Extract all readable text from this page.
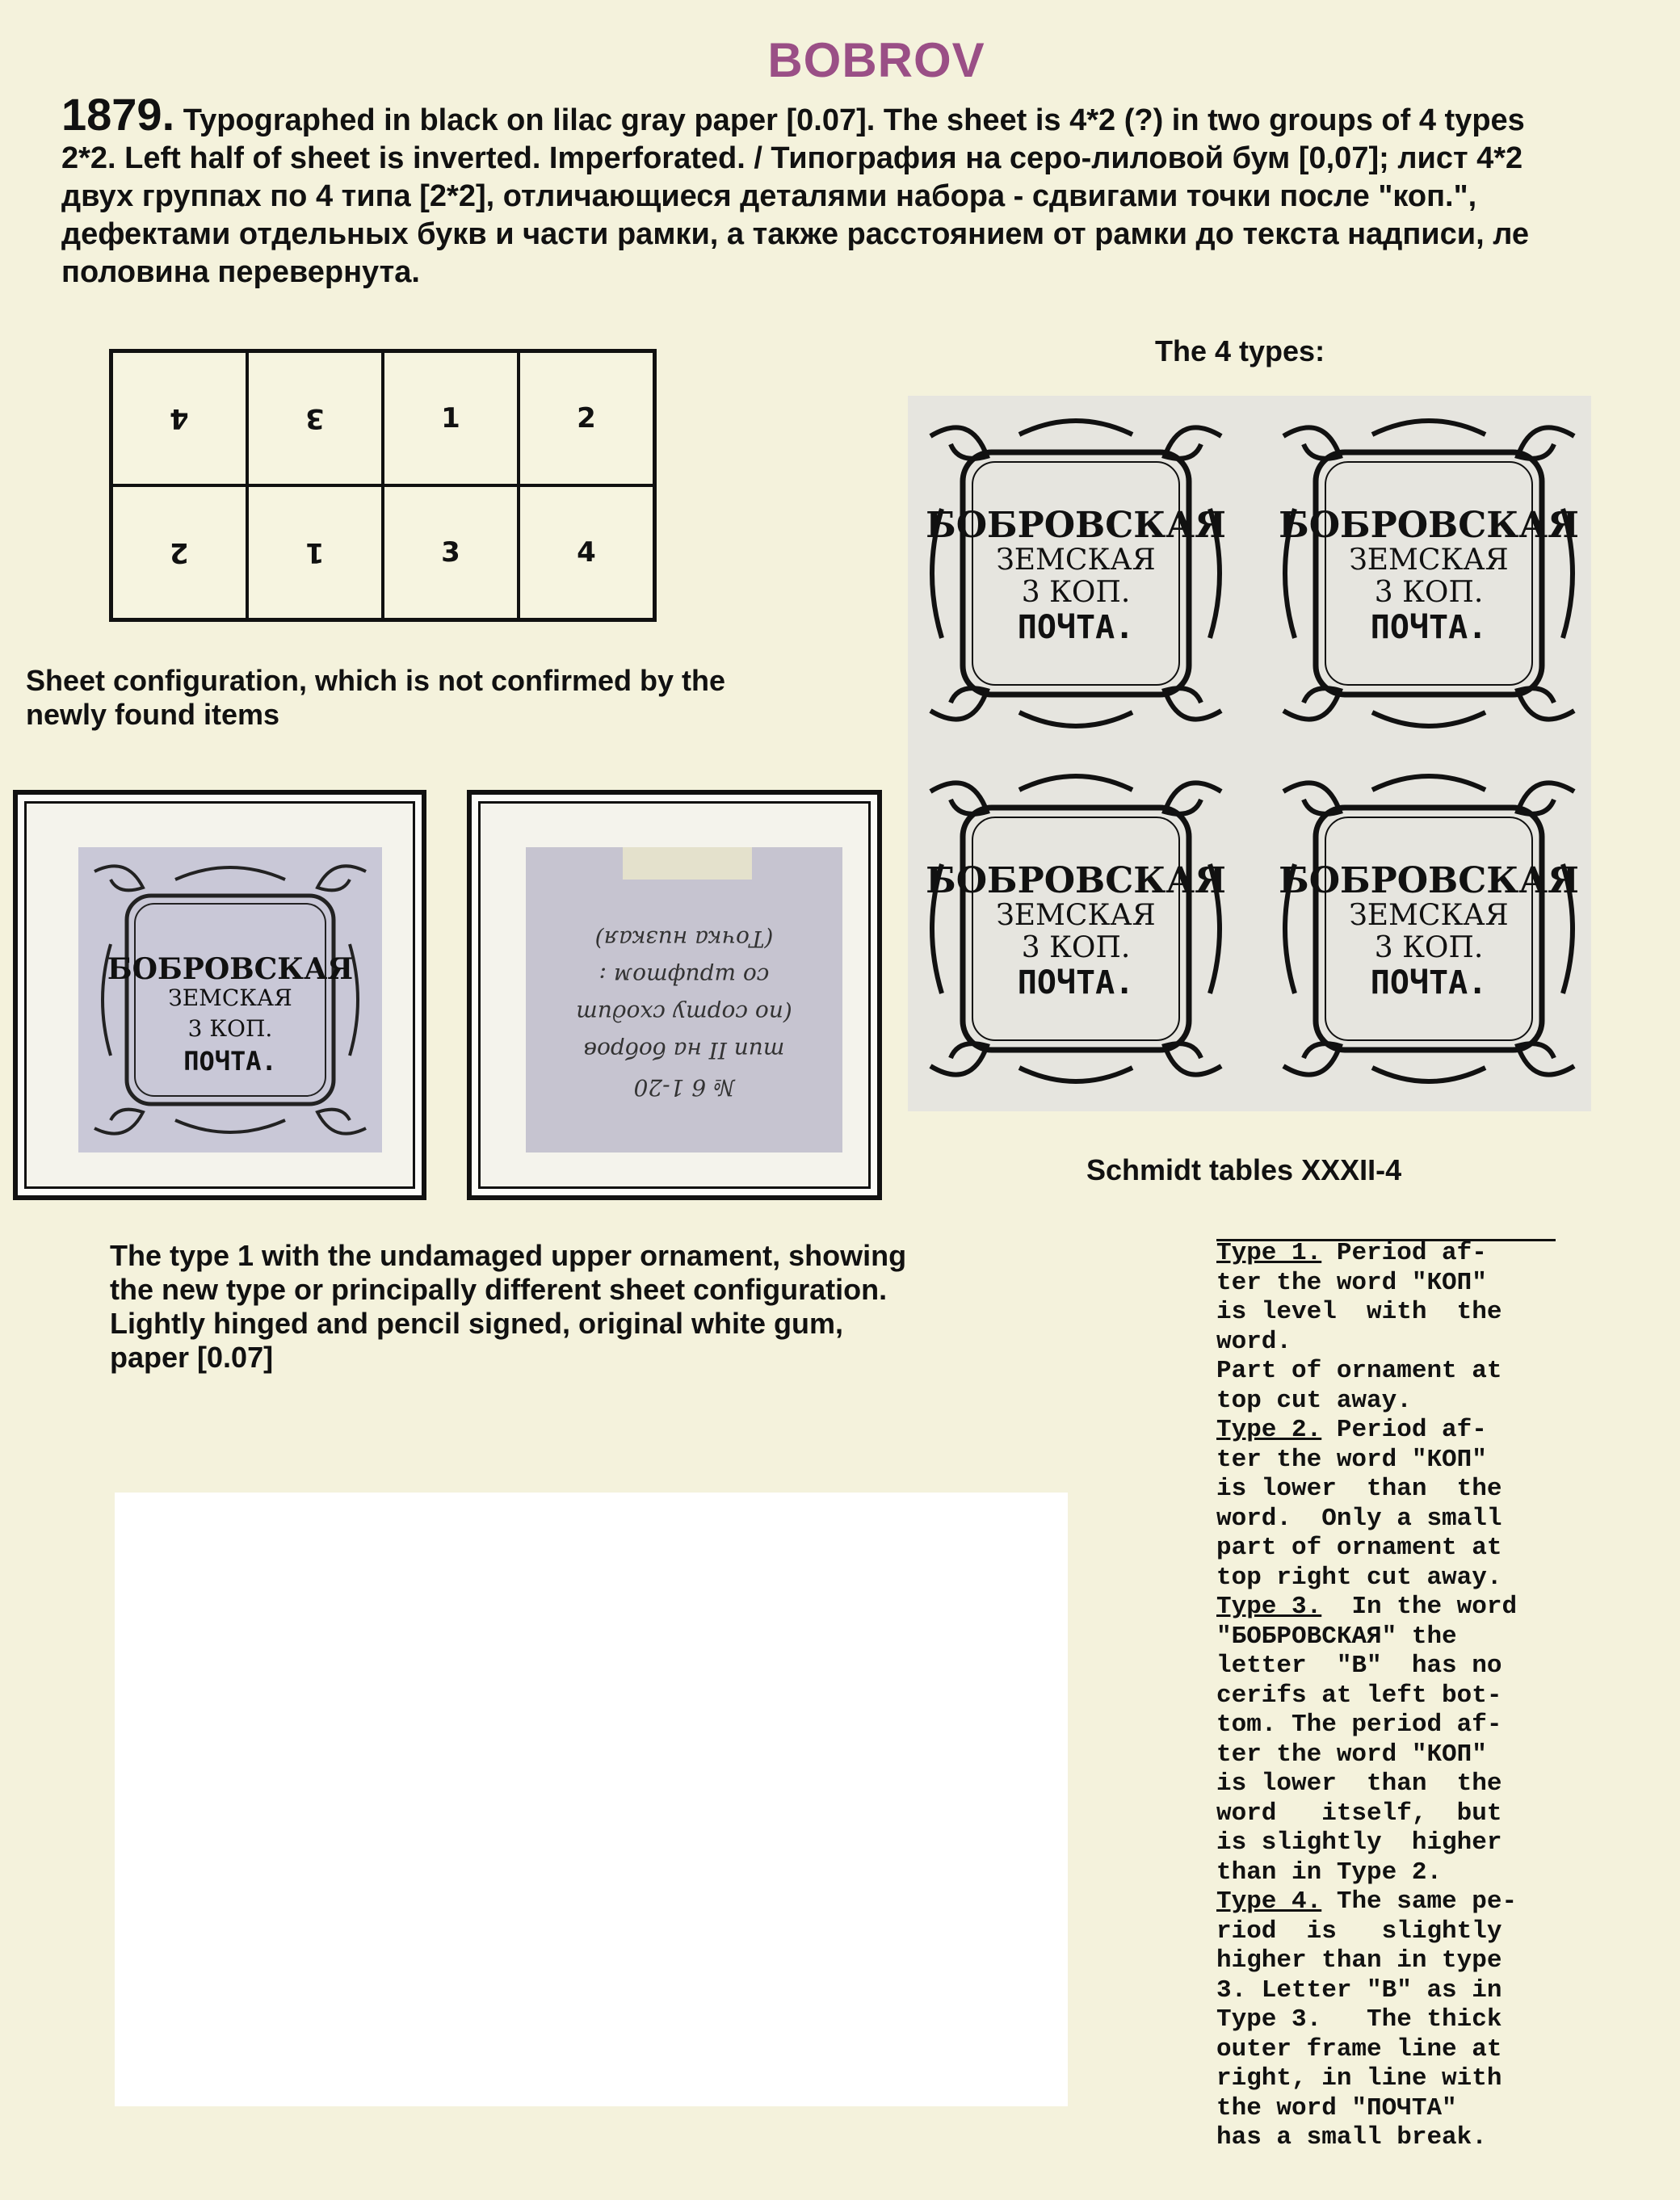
BOBROV
1879. Typographed in black on lilac gray paper [0.07]. The sheet is 4*2 (?) in two groups of 4 types
2*2. Left half of sheet is inverted. Imperforated. / Типография на серо-лиловой бум [0,07]; лист 4*2
двух группах по 4 типа [2*2], отличающиеся деталями набора - сдвигами точки после "коп.",
дефектами отдельных букв и части рамки, а также расстоянием от рамки до текста надписи, ле
половина перевернута.
4	3	1	2
2	1	3	4
Sheet configuration, which is not confirmed by the
newly found items
The 4 types:
БОБРОВСКАЯ
ЗЕМСКАЯ
3 КОП.
ПОЧТА.
БОБРОВСКАЯ
ЗЕМСКАЯ
3 КОП.
ПОЧТА.
БОБРОВСКАЯ
ЗЕМСКАЯ
3 КОП.
ПОЧТА.
БОБРОВСКАЯ
ЗЕМСКАЯ
3 КОП.
ПОЧТА.
Schmidt tables XXXII-4
БОБРОВСКАЯ
ЗЕМСКАЯ
3 КОП.
ПОЧТА.
№ 6 1-20
тип II на бобров
(по сорту сходит
со шрифтом :
(Точка низкая)
The type 1 with the undamaged upper ornament, showing
the new type or principally different sheet configuration.
Lightly hinged and pencil signed, original white gum,
paper [0.07]
Type 1. Period af-
ter the word "КОП"
is level  with  the
word.
Part of ornament at
top cut away.
Type 2. Period af-
ter the word "КОП"
is lower  than  the
word.  Only a small
part of ornament at
top right cut away.
Type 3.  In the word
"БОБРОВСКАЯ" the
letter  "B"  has no
cerifs at left bot-
tom. The period af-
ter the word "КОП"
is lower  than  the
word   itself,  but
is slightly  higher
than in Type 2.
Type 4. The same pe-
riod  is   slightly
higher than in type
3. Letter "B" as in
Type 3.   The thick
outer frame line at
right, in line with
the word "ПОЧТА"
has a small break.
